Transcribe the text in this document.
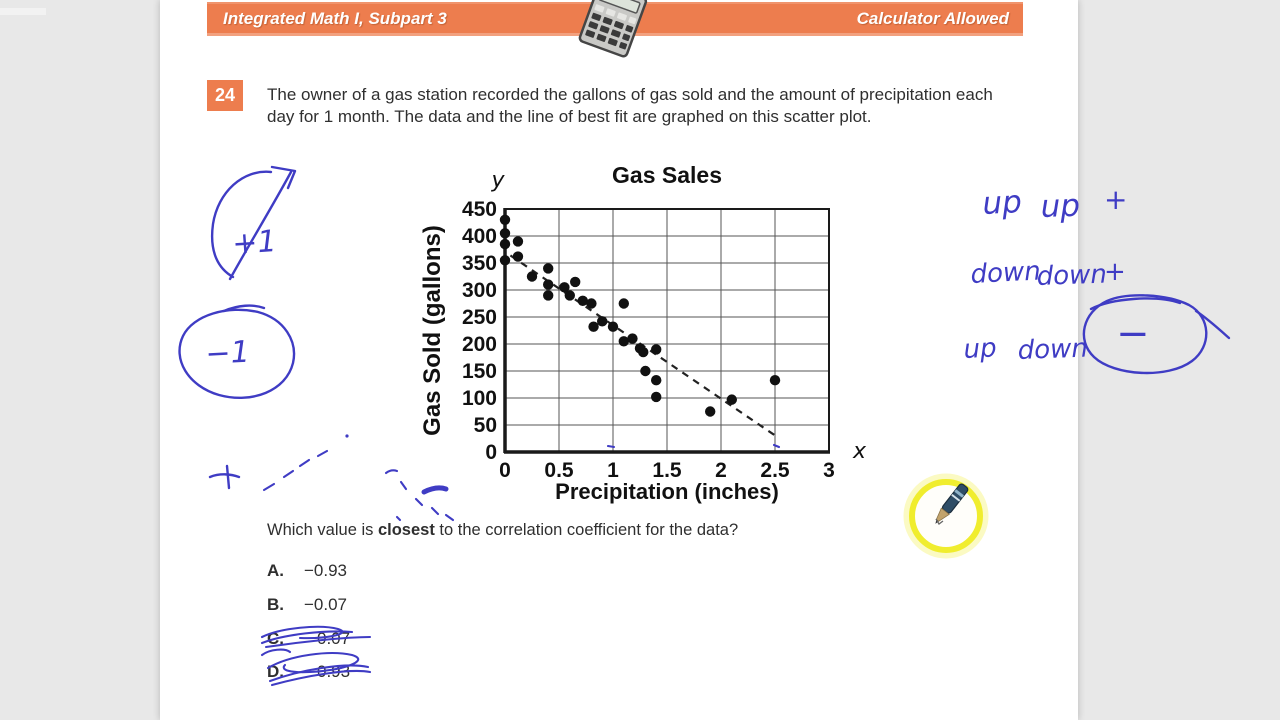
Integrated Math I, Subpart 3	Calculator Allowed
24	The owner of a gas station recorded the gallons of gas sold and the amount of precipitation each day for 1 month. The data and the line of best fit are graphed on this scatter plot.

0
50
100
150
200
250
300
350
400
450
0 0.5 1 1.5 2 2.5 3
Gas Sales
Precipitation (inches)
Gas Sold (gallons)
y
x

Which value is closest to the correlation coefficient for the data?

A.	−0.93
B.	−0.07
C.	0.07
D.	0.93
+1
−1
up up +
down
down
+
up down −
